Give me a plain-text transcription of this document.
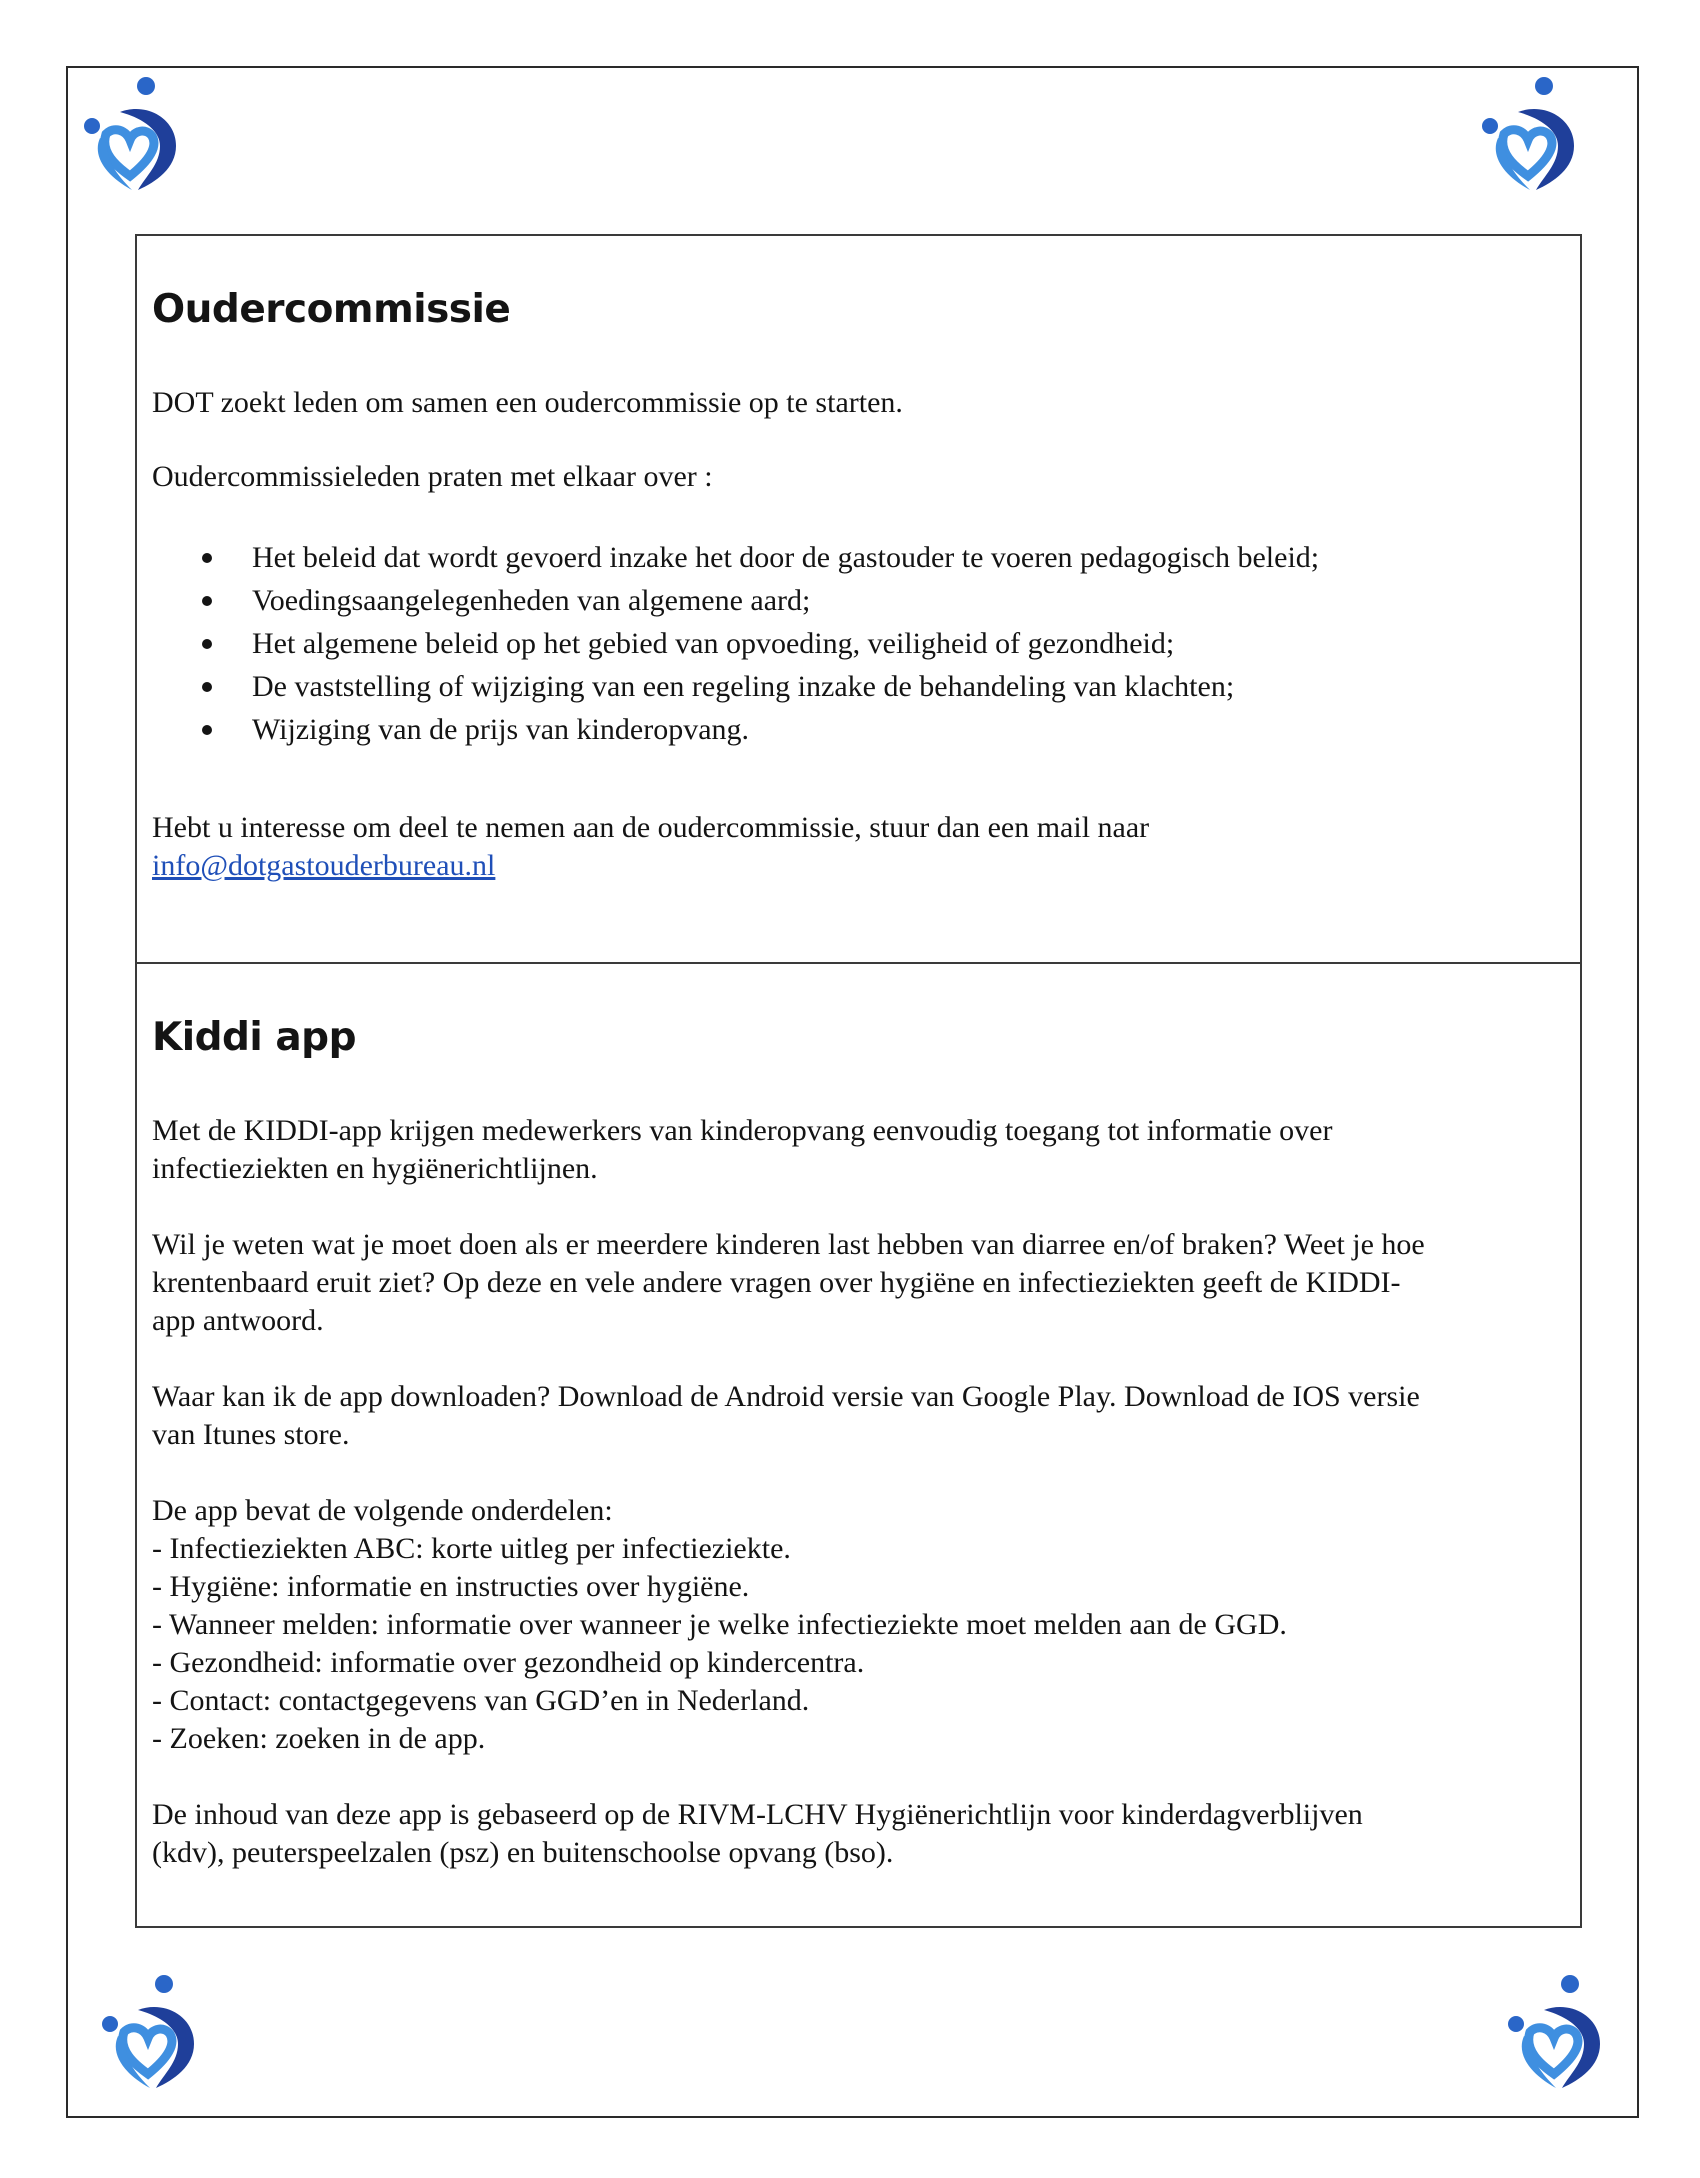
Oudercommissie

DOT zoekt leden om samen een oudercommissie op te starten.

Oudercommissieleden praten met elkaar over :

Het beleid dat wordt gevoerd inzake het door de gastouder te voeren pedagogisch beleid;
Voedingsaangelegenheden van algemene aard;
Het algemene beleid op het gebied van opvoeding, veiligheid of gezondheid;
De vaststelling of wijziging van een regeling inzake de behandeling van klachten;
Wijziging van de prijs van kinderopvang.

Hebt u interesse om deel te nemen aan de oudercommissie, stuur dan een mail naar
info@dotgastouderbureau.nl

Kiddi app

Met de KIDDI-app krijgen medewerkers van kinderopvang eenvoudig toegang tot informatie over infectieziekten en hygiënerichtlijnen.

Wil je weten wat je moet doen als er meerdere kinderen last hebben van diarree en/of braken? Weet je hoe krentenbaard eruit ziet? Op deze en vele andere vragen over hygiëne en infectieziekten geeft de KIDDI-app antwoord.

Waar kan ik de app downloaden? Download de Android versie van Google Play. Download de IOS versie van Itunes store.

De app bevat de volgende onderdelen:

- Infectieziekten ABC: korte uitleg per infectieziekte.

- Hygiëne: informatie en instructies over hygiëne.

- Wanneer melden: informatie over wanneer je welke infectieziekte moet melden aan de GGD.

- Gezondheid: informatie over gezondheid op kindercentra.

- Contact: contactgegevens van GGD’en in Nederland.

- Zoeken: zoeken in de app.

De inhoud van deze app is gebaseerd op de RIVM-LCHV Hygiënerichtlijn voor kinderdagverblijven (kdv), peuterspeelzalen (psz) en buitenschoolse opvang (bso).
